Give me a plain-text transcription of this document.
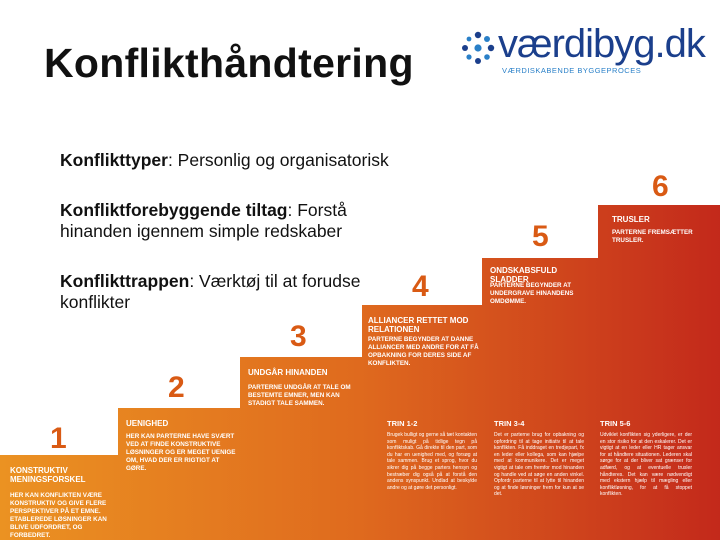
Konflikthåndtering værdibyg.dk
VÆRDISKABENDE BYGGEPROCES
Konflikttyper: Personlig og organisatorisk
Konfliktforebyggende tiltag: Forstå hinanden igennem simple redskaber
Konflikttrappen: Værktøj til at forudse konflikter
1
KONSTRUKTIV MENINGSFORSKEL
HER KAN KONFLIKTEN VÆRE KONSTRUKTIV OG GIVE FLERE PERSPEKTIVER PÅ ET EMNE. ETABLEREDE LØSNINGER KAN BLIVE UDFORDRET, OG FORBEDRET.
2
UENIGHED
HER KAN PARTERNE HAVE SVÆRT VED AT FINDE KONSTRUKTIVE LØSNINGER OG ER MEGET UENIGE OM, HVAD DER ER RIGTIGT AT GØRE.
3
UNDGÅR HINANDEN
PARTERNE UNDGÅR AT TALE OM BESTEMTE EMNER, MEN KAN STADIGT TALE SAMMEN.
4
ALLIANCER RETTET MOD RELATIONEN
PARTERNE BEGYNDER AT DANNE ALLIANCER MED ANDRE FOR AT FÅ OPBAKNING FOR DERES SIDE AF KONFLIKTEN.
5
ONDSKABSFULD SLADDER
PARTERNE BEGYNDER AT UNDERGRAVE HINANDENS OMDØMME.
6
TRUSLER
PARTERNE FREMSÆTTER TRUSLER.
TRIN 1-2
Brugek bulligt og gerne så tæt kontakten som muligt på tidlige tegn på konfliktskab. Gå direkte til den part, som du har en uenighed med, og forsøg at tale sammen. Brug et sprog, hvor du sikrer dig på begge parters hensyn og bestræber dig også på at forstå den andens synspunkt. Undlad at beskylde andre og at gøre det personligt.
TRIN 3-4
Det er parterne brug for opbakning og opfordring til at tage initiativ til at tale konflikten. Få inddraget en tredjepart, fx en leder eller kollega, som kan hjælpe med at kommunikere. Det er meget vigtigt at tale om fremfor mod hinanden og handle ved at søge en anden vinkel. Opfordr parterne til at lytte til hinanden og at finde løsninger frem for kun at se det.
TRIN 5-6
Udviklet konflikten sig yderligere, er der en stor risiko for at den eskalerer. Det er vigtigt at en leder eller HR tager ansvar for at håndtere situationen. Lederen skal sørge for at der bliver sat grænser for adfærd, og at eventuelle trusler håndteres. Det kan være nødvendigt med ekstern hjælp til mægling eller konfliktløsning, for at få stoppet konflikten.
